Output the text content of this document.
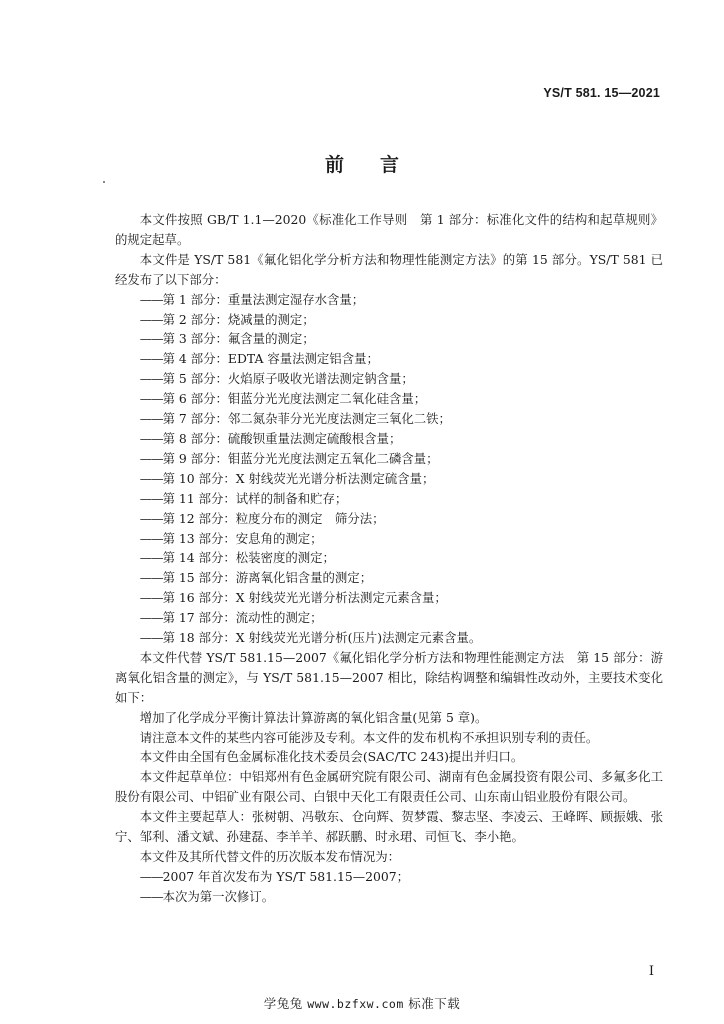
YS/T 581. 15—2021
前言

本文件按照 GB/T 1.1—2020《标准化工作导则　第 1 部分：标准化文件的结构和起草规则》的规定起草。

本文件是 YS/T 581《氟化铝化学分析方法和物理性能测定方法》的第 15 部分。YS/T 581 已经发布了以下部分：

——第 1 部分：重量法测定湿存水含量；
——第 2 部分：烧减量的测定；
——第 3 部分：氟含量的测定；
——第 4 部分：EDTA 容量法测定铝含量；
——第 5 部分：火焰原子吸收光谱法测定钠含量；
——第 6 部分：钼蓝分光光度法测定二氧化硅含量；
——第 7 部分：邻二氮杂菲分光光度法测定三氧化二铁；
——第 8 部分：硫酸钡重量法测定硫酸根含量；
——第 9 部分：钼蓝分光光度法测定五氧化二磷含量；
——第 10 部分：X 射线荧光光谱分析法测定硫含量；
——第 11 部分：试样的制备和贮存；
——第 12 部分：粒度分布的测定　筛分法；
——第 13 部分：安息角的测定；
——第 14 部分：松装密度的测定；
——第 15 部分：游离氧化铝含量的测定；
——第 16 部分：X 射线荧光光谱分析法测定元素含量；
——第 17 部分：流动性的测定；
——第 18 部分：X 射线荧光光谱分析(压片)法测定元素含量。

本文件代替 YS/T 581.15—2007《氟化铝化学分析方法和物理性能测定方法　第 15 部分：游离氧化铝含量的测定》，与 YS/T 581.15—2007 相比，除结构调整和编辑性改动外，主要技术变化如下：

增加了化学成分平衡计算法计算游离的氧化铝含量(见第 5 章)。

请注意本文件的某些内容可能涉及专利。本文件的发布机构不承担识别专利的责任。

本文件由全国有色金属标准化技术委员会(SAC/TC 243)提出并归口。

本文件起草单位：中铝郑州有色金属研究院有限公司、湖南有色金属投资有限公司、多氟多化工股份有限公司、中铝矿业有限公司、白银中天化工有限责任公司、山东南山铝业股份有限公司。

本文件主要起草人：张树朝、冯敬东、仓向辉、贺梦霞、黎志坚、李凌云、王峰晖、顾振娥、张宁、邹利、潘文斌、孙建磊、李羊羊、郝跃鹏、时永珺、司恒飞、李小艳。

本文件及其所代替文件的历次版本发布情况为：

——2007 年首次发布为 YS/T 581.15—2007；
——本次为第一次修订。
I
学兔兔 www.bzfxw.com 标准下载
